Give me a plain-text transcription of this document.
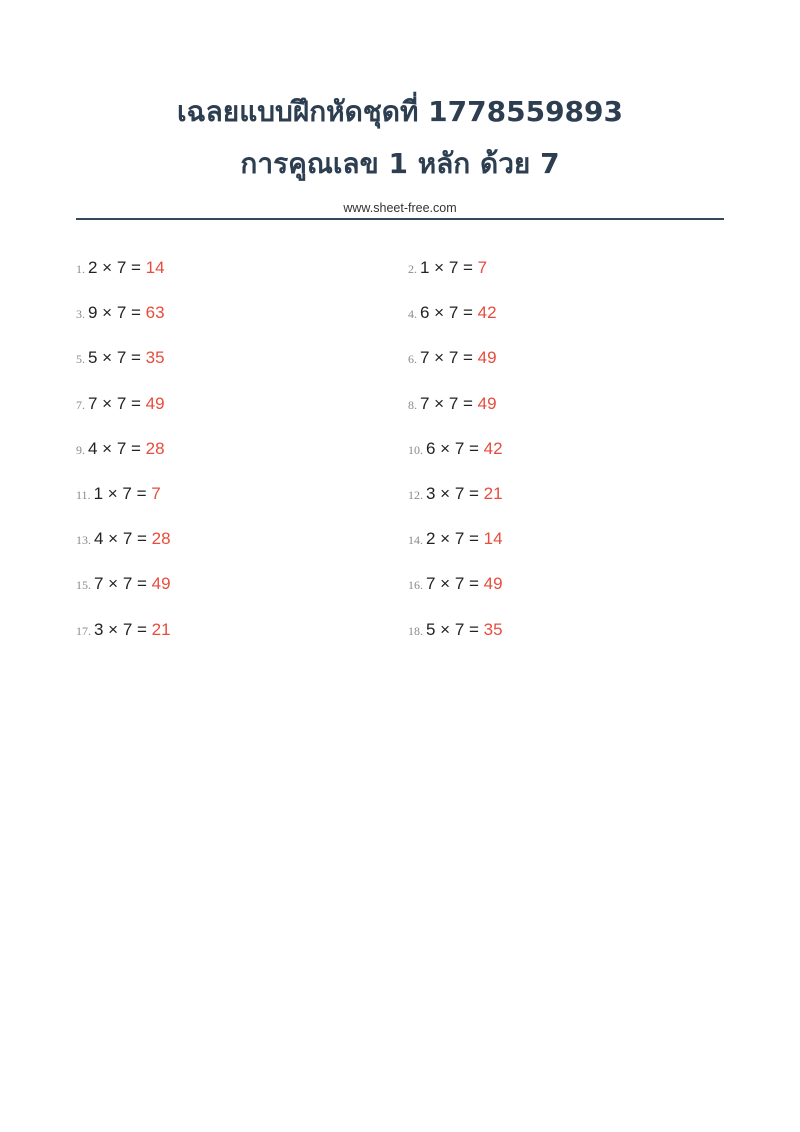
เฉลยแบบฝึกหัดชุดที่ 1778559893
การคูณเลข 1 หลัก ด้วย 7
www.sheet-free.com
1. 2 × 7 = 14	2. 1 × 7 = 7
3. 9 × 7 = 63	4. 6 × 7 = 42
5. 5 × 7 = 35	6. 7 × 7 = 49
7. 7 × 7 = 49	8. 7 × 7 = 49
9. 4 × 7 = 28	10. 6 × 7 = 42
11. 1 × 7 = 7	12. 3 × 7 = 21
13. 4 × 7 = 28	14. 2 × 7 = 14
15. 7 × 7 = 49	16. 7 × 7 = 49
17. 3 × 7 = 21	18. 5 × 7 = 35
